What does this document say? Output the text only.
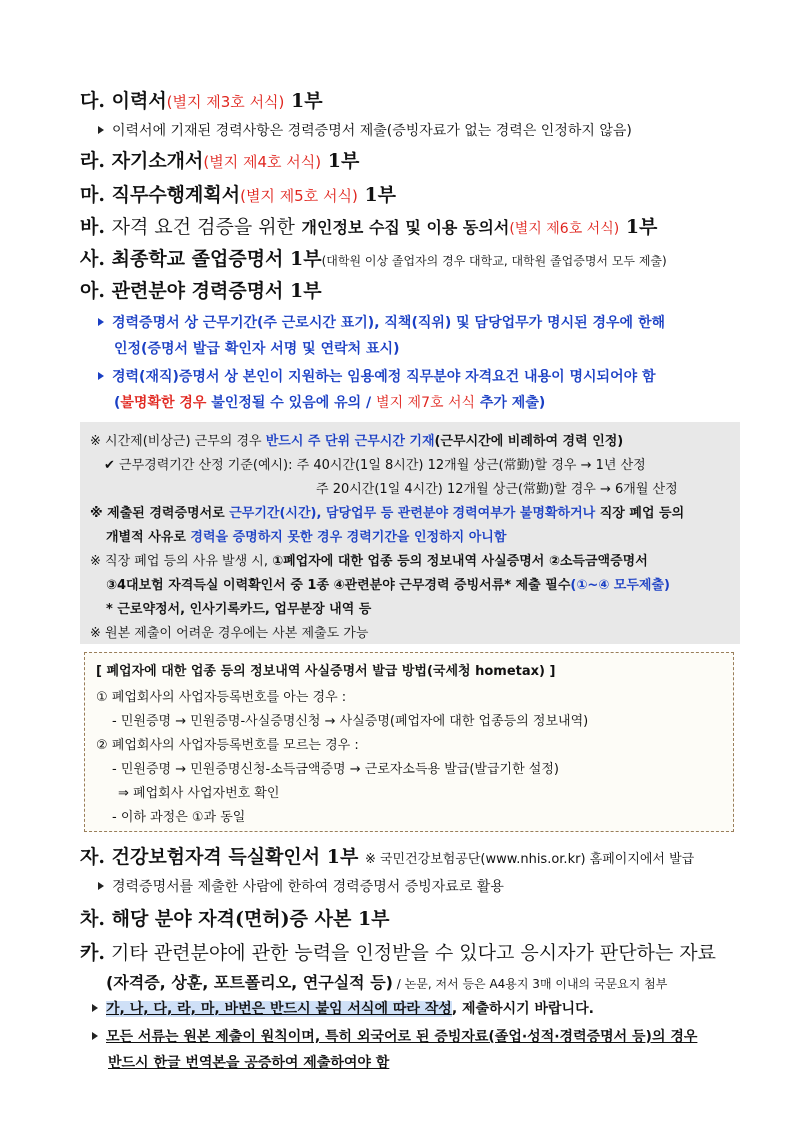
다. 이력서(별지 제3호 서식) 1부
이력서에 기재된 경력사항은 경력증명서 제출(증빙자료가 없는 경력은 인정하지 않음)
라. 자기소개서(별지 제4호 서식) 1부
마. 직무수행계획서(별지 제5호 서식) 1부
바. 자격 요건 검증을 위한 개인정보 수집 및 이용 동의서(별지 제6호 서식) 1부
사. 최종학교 졸업증명서 1부(대학원 이상 졸업자의 경우 대학교, 대학원 졸업증명서 모두 제출)
아. 관련분야 경력증명서 1부
경력증명서 상 근무기간(주 근로시간 표기), 직책(직위) 및 담당업무가 명시된 경우에 한해
인정(증명서 발급 확인자 서명 및 연락처 표시)
경력(재직)증명서 상 본인이 지원하는 임용예정 직무분야 자격요건 내용이 명시되어야 함
(불명확한 경우 불인정될 수 있음에 유의 / 별지 제7호 서식 추가 제출)
※ 시간제(비상근) 근무의 경우 반드시 주 단위 근무시간 기재(근무시간에 비례하여 경력 인정)
✔ 근무경력기간 산정 기준(예시): 주 40시간(1일 8시간) 12개월 상근(常勤)할 경우 → 1년 산정
주 20시간(1일 4시간) 12개월 상근(常勤)할 경우 → 6개월 산정
※ 제출된 경력증명서로 근무기간(시간), 담당업무 등 관련분야 경력여부가 불명확하거나 직장 폐업 등의
개별적 사유로 경력을 증명하지 못한 경우 경력기간을 인정하지 아니함
※ 직장 폐업 등의 사유 발생 시, ①폐업자에 대한 업종 등의 정보내역 사실증명서 ②소득금액증명서
③4대보험 자격득실 이력확인서 중 1종 ④관련분야 근무경력 증빙서류* 제출 필수(①~④ 모두제출)
* 근로약정서, 인사기록카드, 업무분장 내역 등
※ 원본 제출이 어려운 경우에는 사본 제출도 가능
[ 폐업자에 대한 업종 등의 정보내역 사실증명서 발급 방법(국세청 hometax) ]
① 폐업회사의 사업자등록번호를 아는 경우 :
- 민원증명 → 민원증명-사실증명신청 → 사실증명(폐업자에 대한 업종등의 정보내역)
② 폐업회사의 사업자등록번호를 모르는 경우 :
- 민원증명 → 민원증명신청-소득금액증명 → 근로자소득용 발급(발급기한 설정)
⇒ 폐업회사 사업자번호 확인
- 이하 과정은 ①과 동일
자. 건강보험자격 득실확인서 1부 ※ 국민건강보험공단(www.nhis.or.kr) 홈페이지에서 발급
경력증명서를 제출한 사람에 한하여 경력증명서 증빙자료로 활용
차. 해당 분야 자격(면허)증 사본 1부
카. 기타 관련분야에 관한 능력을 인정받을 수 있다고 응시자가 판단하는 자료
(자격증, 상훈, 포트폴리오, 연구실적 등) / 논문, 저서 등은 A4용지 3매 이내의 국문요지 첨부
가, 나, 다, 라, 마, 바번은 반드시 붙임 서식에 따라 작성, 제출하시기 바랍니다.
모든 서류는 원본 제출이 원칙이며, 특히 외국어로 된 증빙자료(졸업·성적·경력증명서 등)의 경우
반드시 한글 번역본을 공증하여 제출하여야 함
